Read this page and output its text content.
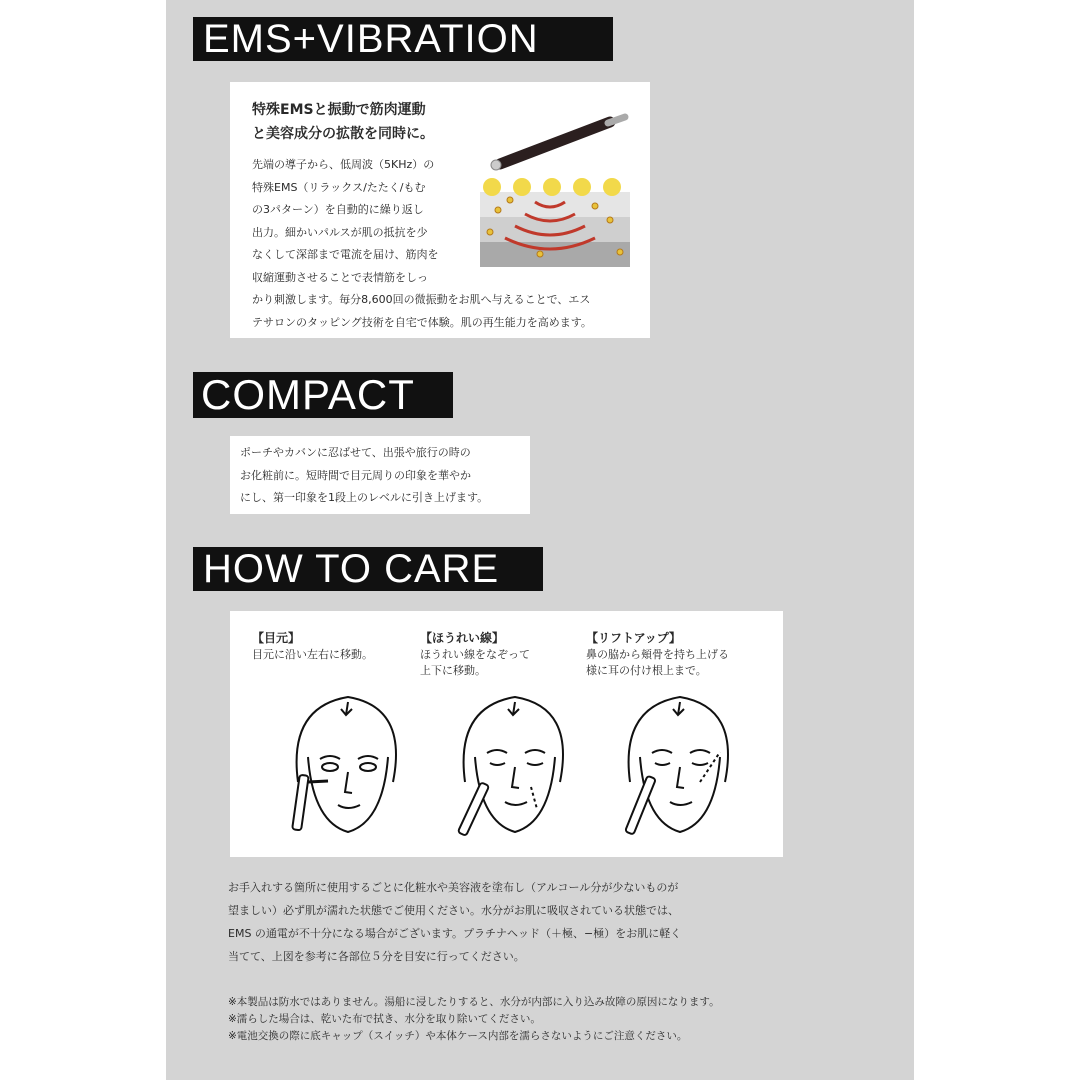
EMS+VIBRATION
特殊EMSと振動で筋肉運動
と美容成分の拡散を同時に。
先端の導子から、低周波（5KHz）の
特殊EMS（リラックス/たたく/もむ
の3パターン）を自動的に繰り返し
出力。細かいパルスが肌の抵抗を少
なくして深部まで電流を届け、筋肉を
収縮運動させることで表情筋をしっ
かり刺激します。毎分8,600回の微振動をお肌へ与えることで、エス
テサロンのタッピング技術を自宅で体験。肌の再生能力を高めます。
COMPACT
ポーチやカバンに忍ばせて、出張や旅行の時の
お化粧前に。短時間で目元周りの印象を華やか
にし、第一印象を1段上のレベルに引き上げます。
HOW TO CARE
【目元】
目元に沿い左右に移動。
【ほうれい線】
ほうれい線をなぞって
上下に移動。
【リフトアップ】
鼻の脇から頬骨を持ち上げる
様に耳の付け根上まで。
お手入れする箇所に使用するごとに化粧水や美容液を塗布し（アルコール分が少ないものが
望ましい）必ず肌が濡れた状態でご使用ください。水分がお肌に吸収されている状態では、
EMS の通電が不十分になる場合がございます。プラチナヘッド（＋極、−極）をお肌に軽く
当てて、上図を参考に各部位５分を目安に行ってください。
※本製品は防水ではありません。湯船に浸したりすると、水分が内部に入り込み故障の原因になります。
※濡らした場合は、乾いた布で拭き、水分を取り除いてください。
※電池交換の際に底キャップ（スイッチ）や本体ケース内部を濡らさないようにご注意ください。
